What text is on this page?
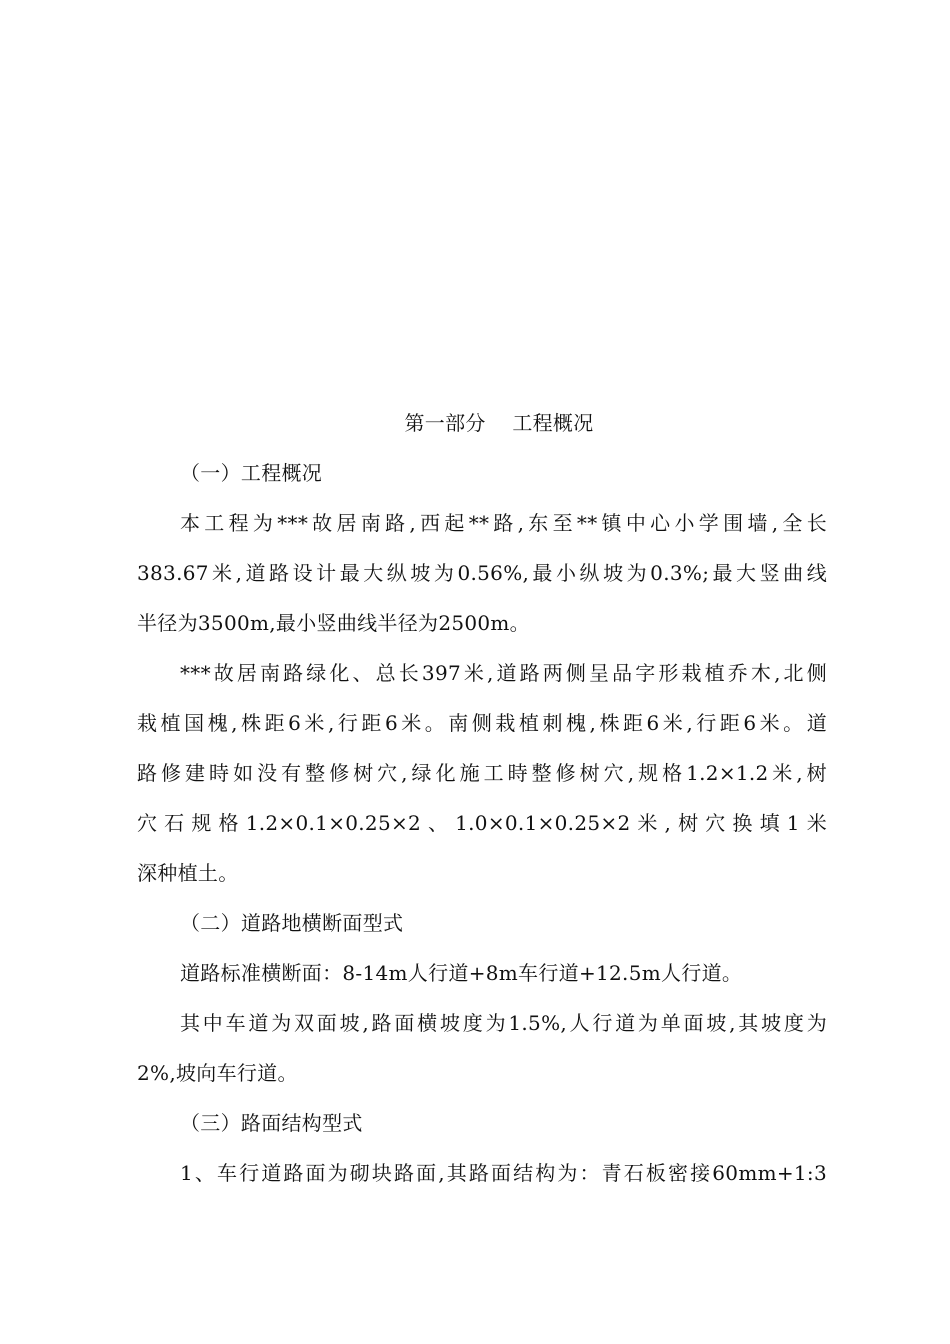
第一部分    工程概况
（一）工程概况
本工程为***故居南路,西起**路,东至**镇中心小学围墙,全长
383.67米,道路设计最大纵坡为0.56%,最小纵坡为0.3%;最大竖曲线
半径为3500m,最小竖曲线半径为2500m。
***故居南路绿化、总长397米,道路两侧呈品字形栽植乔木,北侧
栽植国槐,株距6米,行距6米。南侧栽植刺槐,株距6米,行距6米。道
路修建時如没有整修树穴,绿化施工時整修树穴,规格1.2×1.2米,树
穴石规格1.2×0.1×0.25×2、1.0×0.1×0.25×2米,树穴换填1米
深种植土。
（二）道路地横断面型式
道路标准横断面：8-14m人行道+8m车行道+12.5m人行道。
其中车道为双面坡,路面横坡度为1.5%,人行道为单面坡,其坡度为
2%,坡向车行道。
（三）路面结构型式
1、车行道路面为砌块路面,其路面结构为：青石板密接60mm+1:3
